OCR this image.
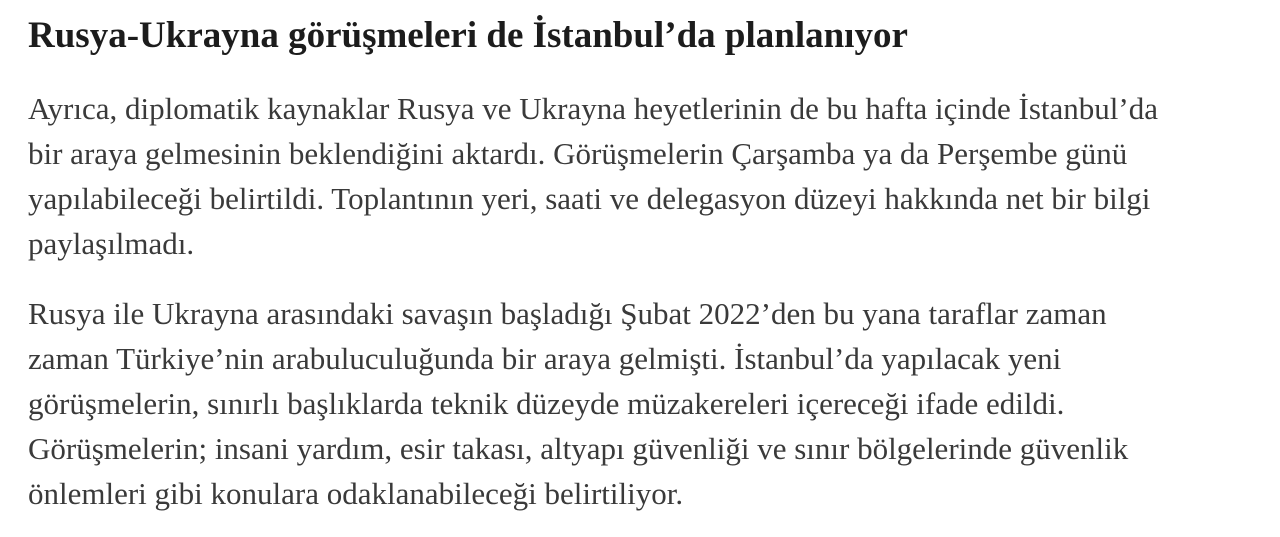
Rusya-Ukrayna görüşmeleri de İstanbul’da planlanıyor
Ayrıca, diplomatik kaynaklar Rusya ve Ukrayna heyetlerinin de bu hafta içinde İstanbul’da
bir araya gelmesinin beklendiğini aktardı. Görüşmelerin Çarşamba ya da Perşembe günü
yapılabileceği belirtildi. Toplantının yeri, saati ve delegasyon düzeyi hakkında net bir bilgi
paylaşılmadı.
Rusya ile Ukrayna arasındaki savaşın başladığı Şubat 2022’den bu yana taraflar zaman
zaman Türkiye’nin arabuluculuğunda bir araya gelmişti. İstanbul’da yapılacak yeni
görüşmelerin, sınırlı başlıklarda teknik düzeyde müzakereleri içereceği ifade edildi.
Görüşmelerin; insani yardım, esir takası, altyapı güvenliği ve sınır bölgelerinde güvenlik
önlemleri gibi konulara odaklanabileceği belirtiliyor.
